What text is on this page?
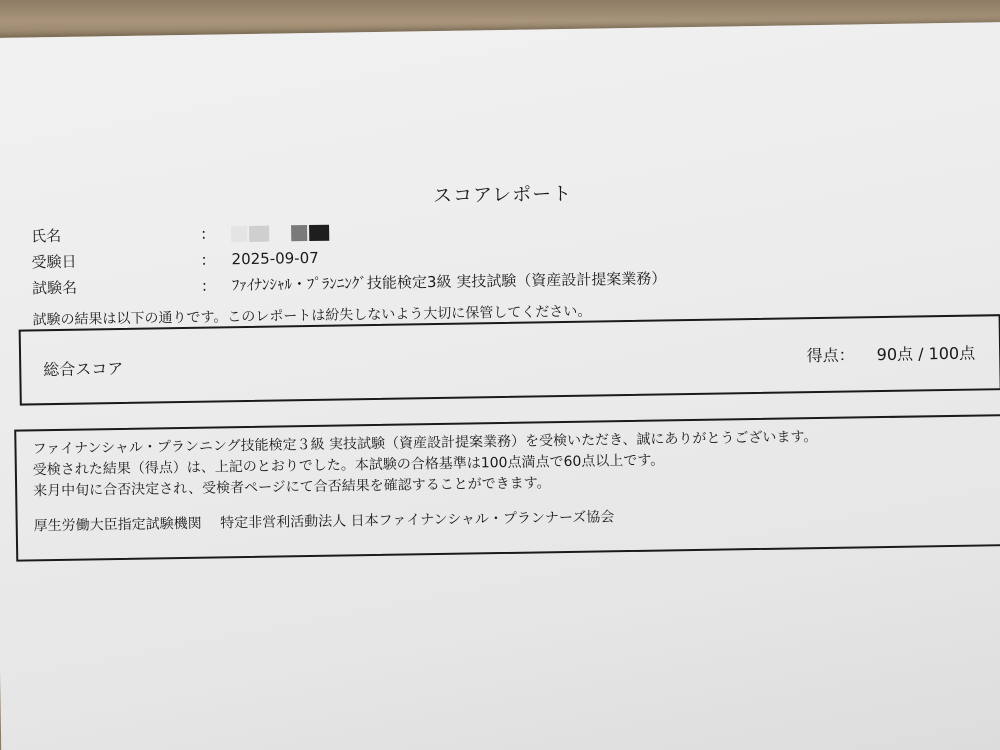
スコアレポート
氏名	:
受験日	: 2025-09-07
試験名	: ﾌｧｲﾅﾝｼｬﾙ・ﾌﾟﾗﾝﾆﾝｸﾞ技能検定3級 実技試験（資産設計提案業務）
試験の結果は以下の通りです。このレポートは紛失しないよう大切に保管してください。
総合スコア
得点： 90点 / 100点
ファイナンシャル・プランニング技能検定３級 実技試験（資産設計提案業務）を受検いただき、誠にありがとうございます。
受検された結果（得点）は、上記のとおりでした。本試験の合格基準は100点満点で60点以上です。
来月中旬に合否決定され、受検者ページにて合否結果を確認することができます。
厚生労働大臣指定試験機関　 特定非営利活動法人 日本ファイナンシャル・プランナーズ協会
